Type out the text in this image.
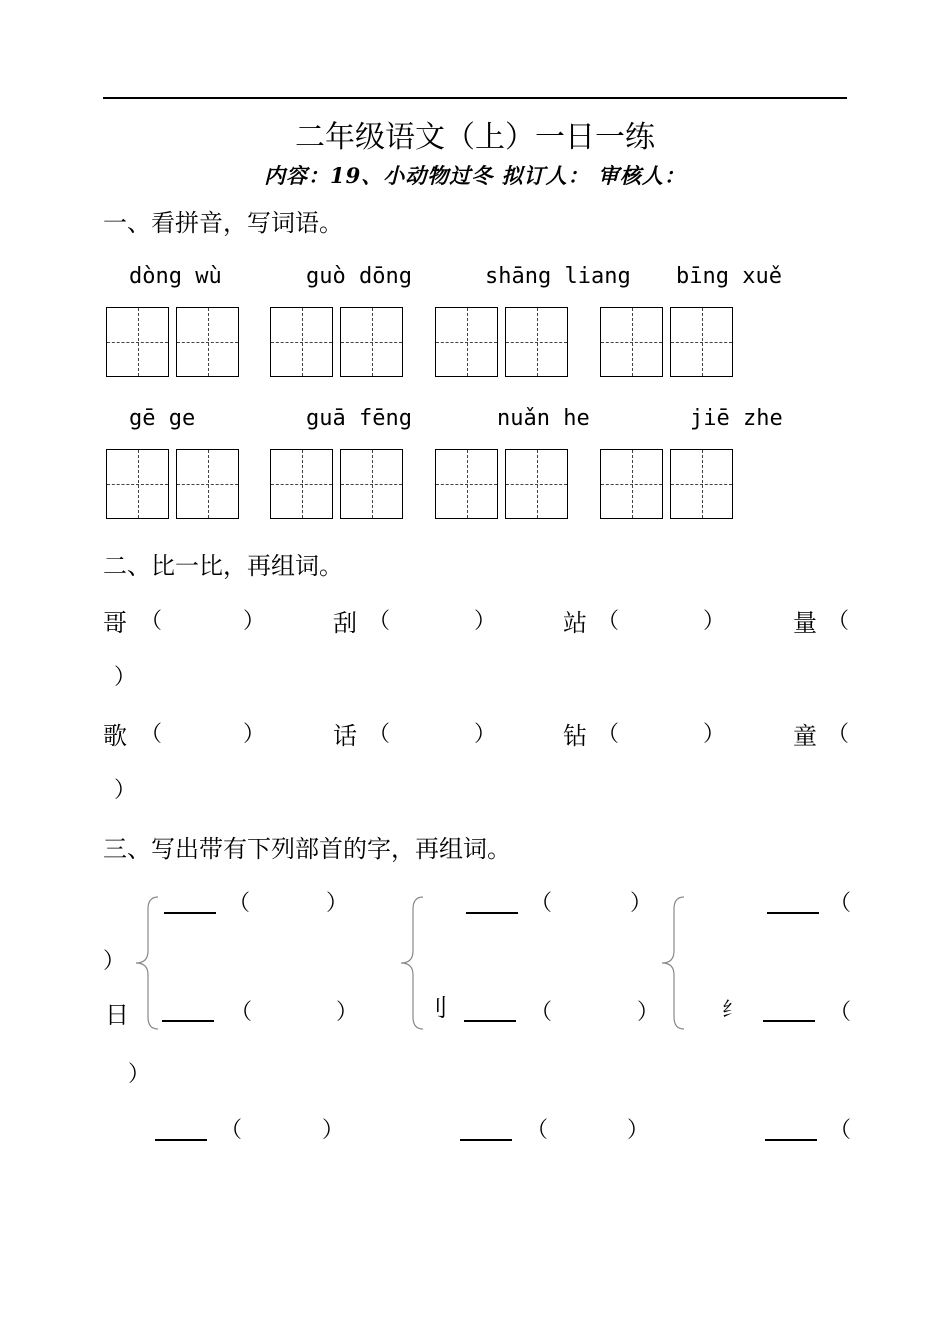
二年级语文（上）一日一练
内容：19、小动物过冬 拟订人： 审核人：
一、看拼音，写词语。
dòng wù	guò dōng	shāng liang bīng xuě
gē ge	guā fēng	nuǎn he	jiē zhe
二、比一比，再组词。
哥 （	）	刮 （	）	站 （	）	量 （
）
歌 （	）	话 （	）	钻 （	）	童 （
）
三、写出带有下列部首的字，再组词。
（	）	（	）	（
）
日	（	）	刂	（	）	纟	（
）
（	）	（	）	（
